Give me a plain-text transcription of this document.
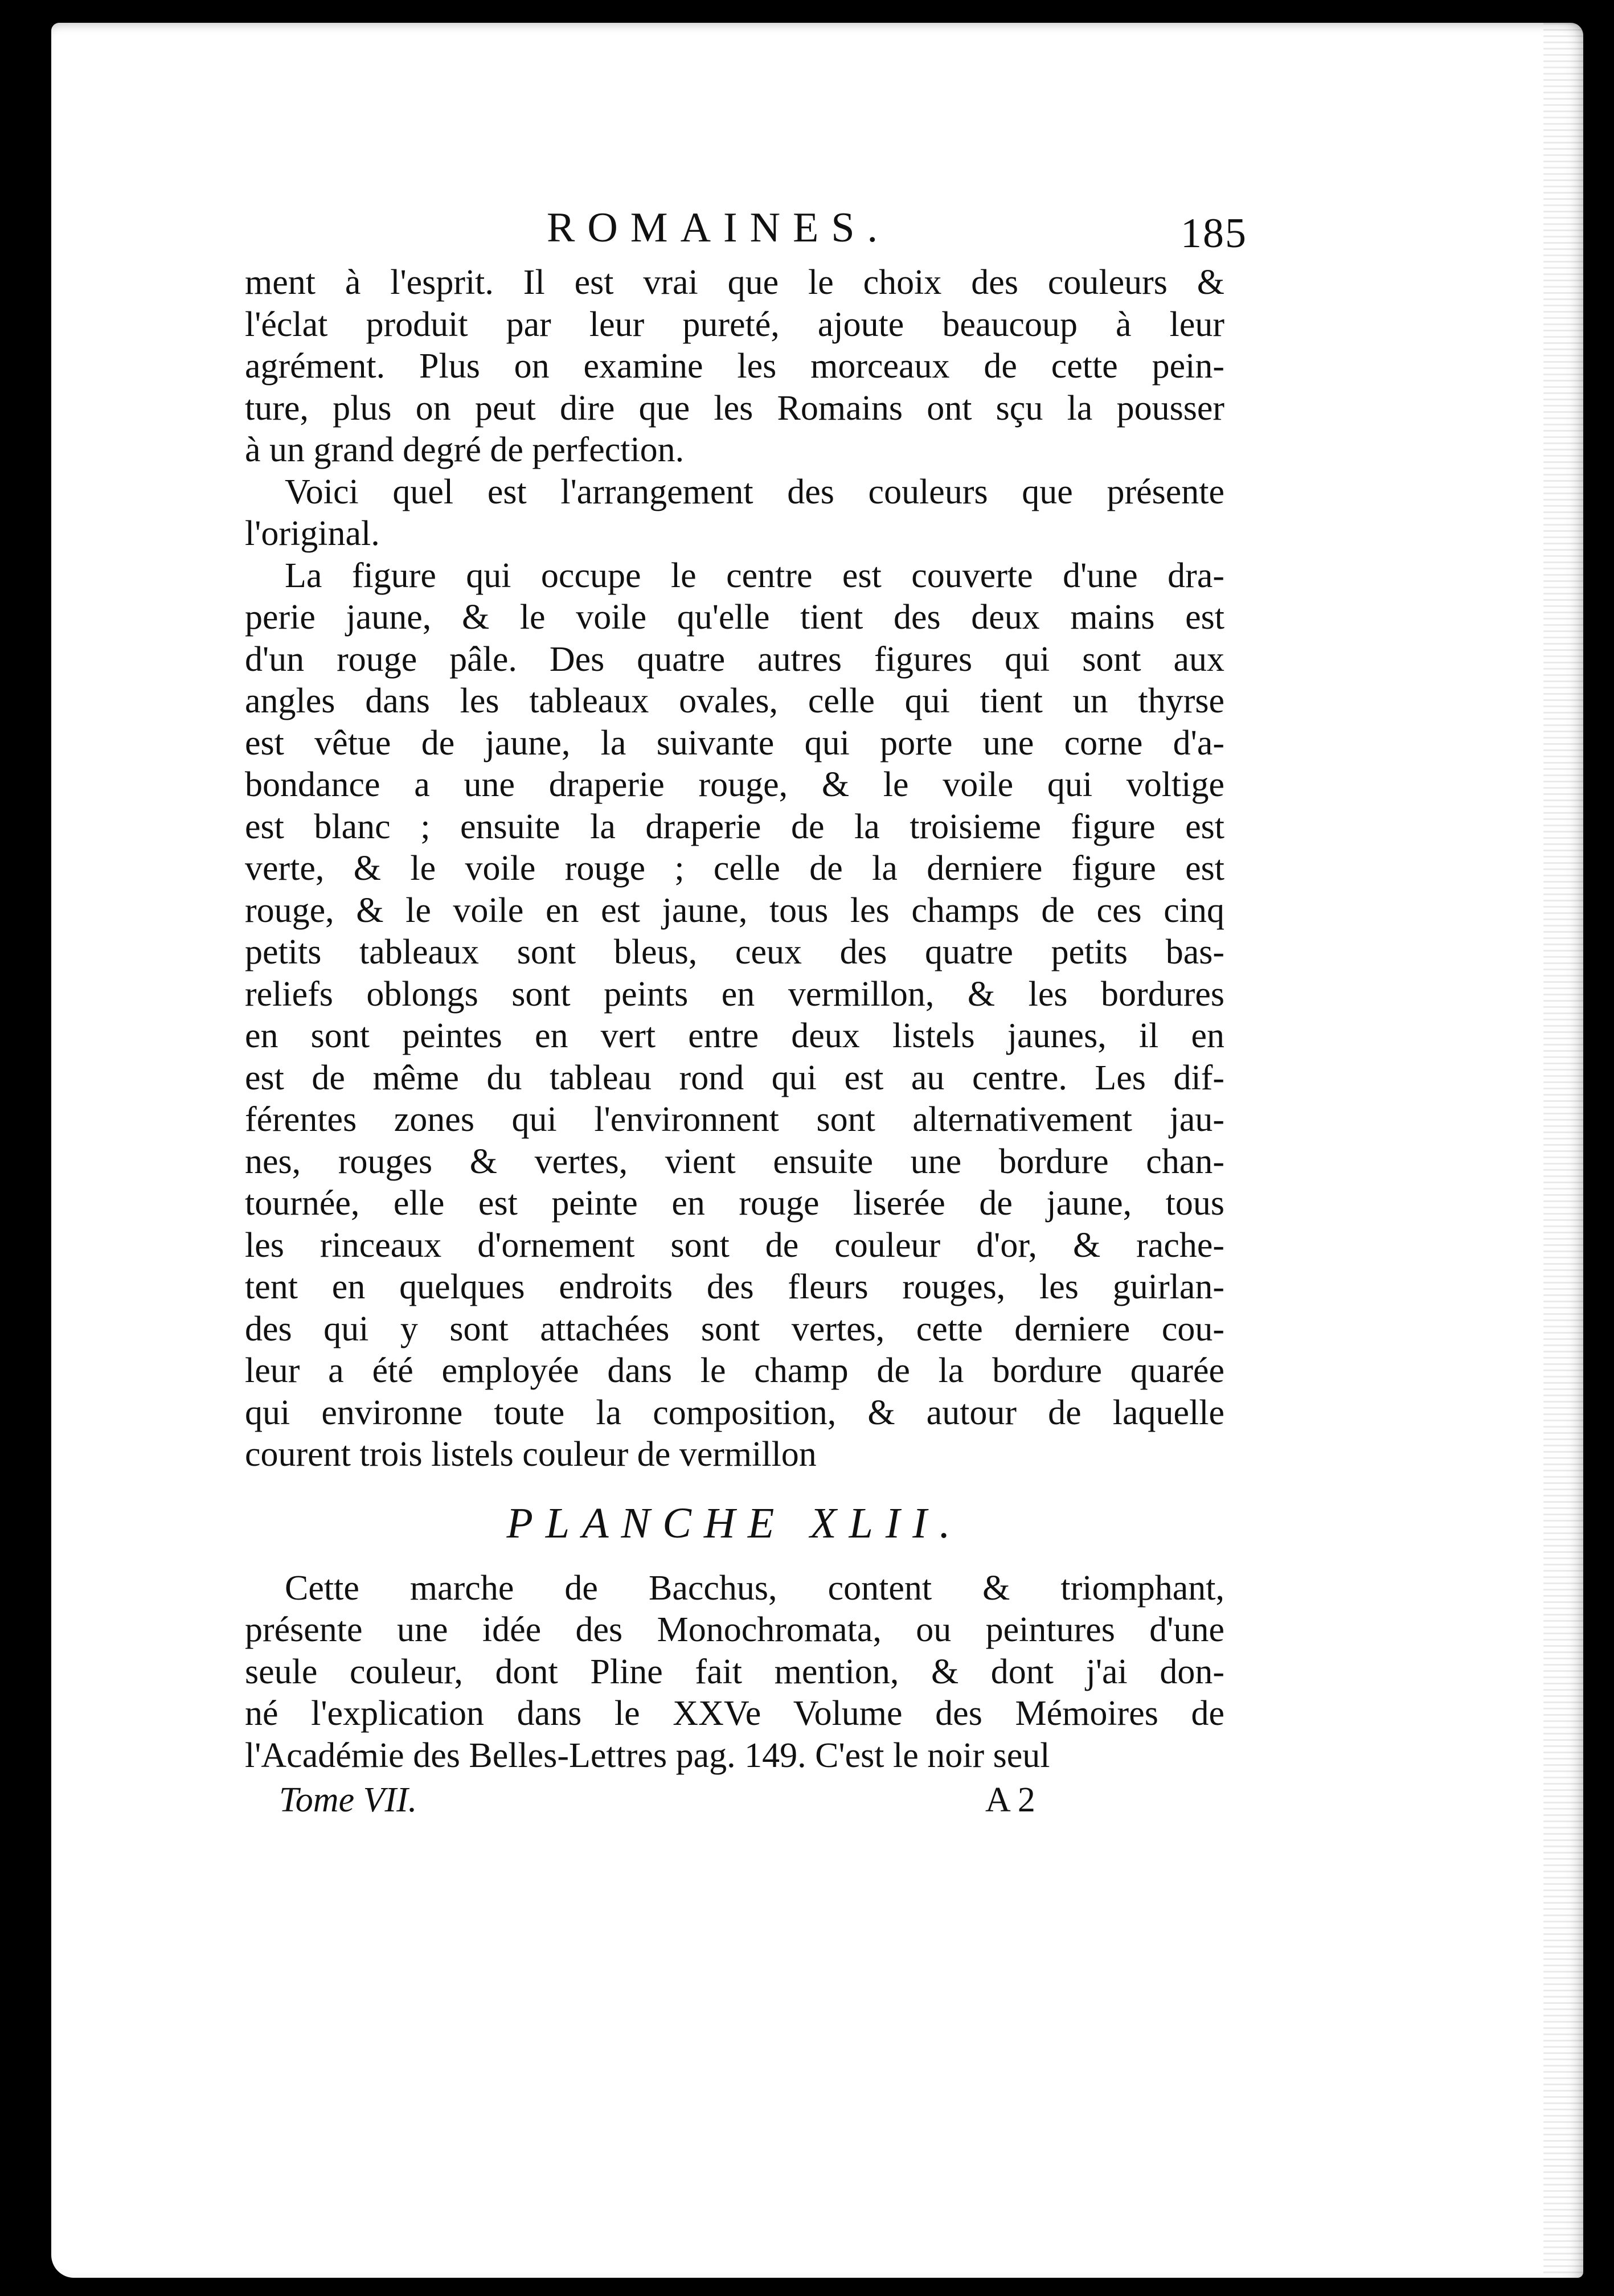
ROMAINES.	185

ment à l'esprit. Il est vrai que le choix des couleurs &
l'éclat produit par leur pureté, ajoute beaucoup à leur
agrément. Plus on examine les morceaux de cette pein-
ture, plus on peut dire que les Romains ont sçu la pousser
à un grand degré de perfection.

Voici quel est l'arrangement des couleurs que présente
l'original.

La figure qui occupe le centre est couverte d'une dra-
perie jaune, & le voile qu'elle tient des deux mains est
d'un rouge pâle. Des quatre autres figures qui sont aux
angles dans les tableaux ovales, celle qui tient un thyrse
est vêtue de jaune, la suivante qui porte une corne d'a-
bondance a une draperie rouge, & le voile qui voltige
est blanc ; ensuite la draperie de la troisieme figure est
verte, & le voile rouge ; celle de la derniere figure est
rouge, & le voile en est jaune, tous les champs de ces cinq
petits tableaux sont bleus, ceux des quatre petits bas-
reliefs oblongs sont peints en vermillon, & les bordures
en sont peintes en vert entre deux listels jaunes, il en
est de même du tableau rond qui est au centre. Les dif-
férentes zones qui l'environnent sont alternativement jau-
nes, rouges & vertes, vient ensuite une bordure chan-
tournée, elle est peinte en rouge liserée de jaune, tous
les rinceaux d'ornement sont de couleur d'or, & rache-
tent en quelques endroits des fleurs rouges, les guirlan-
des qui y sont attachées sont vertes, cette derniere cou-
leur a été employée dans le champ de la bordure quarée
qui environne toute la composition, & autour de laquelle
courent trois listels couleur de vermillon

PLANCHE XLII.

Cette marche de Bacchus, content & triomphant,
présente une idée des Monochromata, ou peintures d'une
seule couleur, dont Pline fait mention, & dont j'ai don-
né l'explication dans le XXVe Volume des Mémoires de
l'Académie des Belles-Lettres pag. 149. C'est le noir seul

Tome VII.	A 2
